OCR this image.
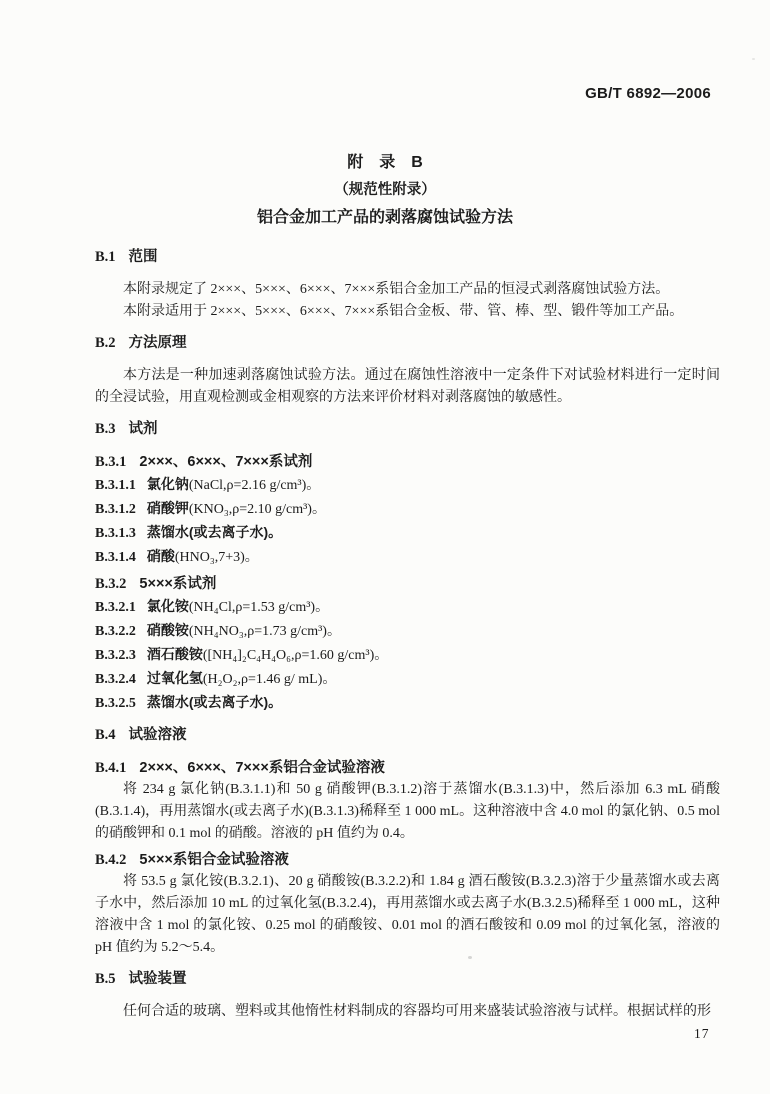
GB/T 6892—2006
附　录　B
（规范性附录）
铝合金加工产品的剥落腐蚀试验方法
B.1 范围

本附录规定了 2×××、5×××、6×××、7×××系铝合金加工产品的恒浸式剥落腐蚀试验方法。

本附录适用于 2×××、5×××、6×××、7×××系铝合金板、带、管、棒、型、锻件等加工产品。

B.2 方法原理

本方法是一种加速剥落腐蚀试验方法。通过在腐蚀性溶液中一定条件下对试验材料进行一定时间的全浸试验，用直观检测或金相观察的方法来评价材料对剥落腐蚀的敏感性。

B.3 试剂
B.3.1 2×××、6×××、7×××系试剂
B.3.1.1 氯化钠(NaCl,ρ=2.16 g/cm³)。
B.3.1.2 硝酸钾(KNO₃,ρ=2.10 g/cm³)。
B.3.1.3 蒸馏水(或去离子水)。
B.3.1.4 硝酸(HNO₃,7+3)。
B.3.2 5×××系试剂
B.3.2.1 氯化铵(NH₄Cl,ρ=1.53 g/cm³)。
B.3.2.2 硝酸铵(NH₄NO₃,ρ=1.73 g/cm³)。
B.3.2.3 酒石酸铵([NH₄]₂C₄H₄O₆,ρ=1.60 g/cm³)。
B.3.2.4 过氧化氢(H₂O₂,ρ=1.46 g/ mL)。
B.3.2.5 蒸馏水(或去离子水)。
B.4 试验溶液
B.4.1 2×××、6×××、7×××系铝合金试验溶液

将 234 g 氯化钠(B.3.1.1)和 50 g 硝酸钾(B.3.1.2)溶于蒸馏水(B.3.1.3)中，然后添加 6.3 mL 硝酸(B.3.1.4)，再用蒸馏水(或去离子水)(B.3.1.3)稀释至 1 000 mL。这种溶液中含 4.0 mol 的氯化钠、0.5 mol 的硝酸钾和 0.1 mol 的硝酸。溶液的 pH 值约为 0.4。

B.4.2 5×××系铝合金试验溶液

将 53.5 g 氯化铵(B.3.2.1)、20 g 硝酸铵(B.3.2.2)和 1.84 g 酒石酸铵(B.3.2.3)溶于少量蒸馏水或去离子水中，然后添加 10 mL 的过氧化氢(B.3.2.4)，再用蒸馏水或去离子水(B.3.2.5)稀释至 1 000 mL，这种溶液中含 1 mol 的氯化铵、0.25 mol 的硝酸铵、0.01 mol 的酒石酸铵和 0.09 mol 的过氧化氢，溶液的 pH 值约为 5.2～5.4。

B.5 试验装置

任何合适的玻璃、塑料或其他惰性材料制成的容器均可用来盛装试验溶液与试样。根据试样的形

17
